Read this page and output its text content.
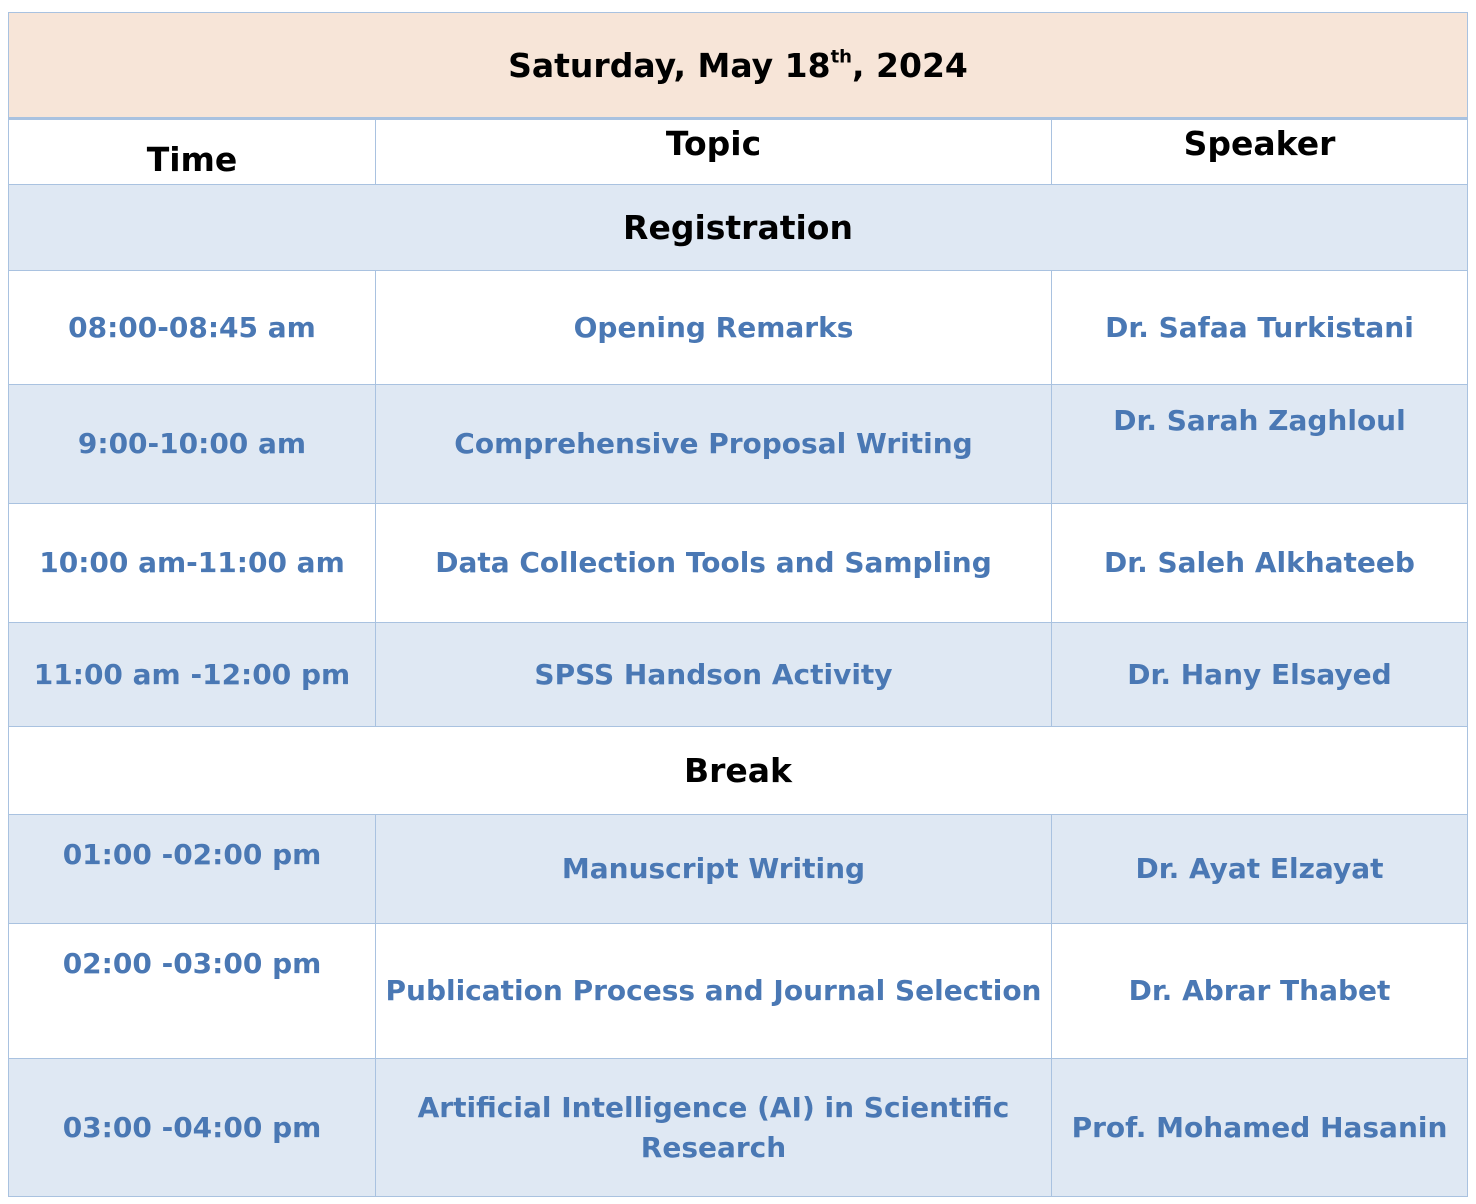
Saturday, May 18th, 2024		
Time	Topic	Speaker
Registration		
08:00-08:45 am	Opening Remarks	Dr. Safaa Turkistani
9:00-10:00 am	Comprehensive Proposal Writing	Dr. Sarah Zaghloul
10:00 am-11:00 am	Data Collection Tools and Sampling	Dr. Saleh Alkhateeb
11:00 am -12:00 pm	SPSS Handson Activity	Dr. Hany Elsayed
Break		
01:00 -02:00 pm	Manuscript Writing	Dr. Ayat Elzayat
02:00 -03:00 pm	Publication Process and Journal Selection	Dr. Abrar Thabet
03:00 -04:00 pm	Artificial Intelligence (AI) in Scientific Research	Prof. Mohamed Hasanin
